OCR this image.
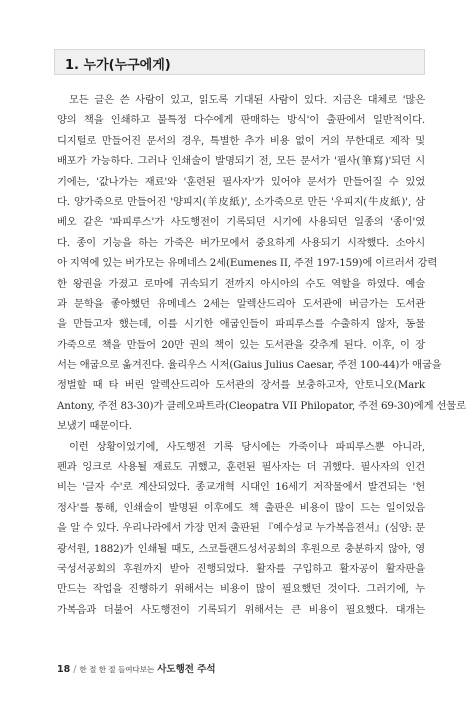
1. 누가(누구에게)
모든 글은 쓴 사람이 있고, 읽도록 기대된 사람이 있다. 지금은 대체로 '많은
양의 책을 인쇄하고 불특정 다수에게 판매하는 방식'이 출판에서 일반적이다.
디지털로 만들어진 문서의 경우, 특별한 추가 비용 없이 거의 무한대로 제작 및
배포가 가능하다. 그러나 인쇄술이 발명되기 전, 모든 문서가 '필사(筆寫)'되던 시
기에는, '값나가는 재료'와 '훈련된 필사자'가 있어야 문서가 만들어질 수 있었
다. 양가죽으로 만들어진 '양피지(羊皮紙)', 소가죽으로 만든 '우피지(牛皮紙)', 삼
베오 같은 '파피루스'가 사도행전이 기록되던 시기에 사용되던 일종의 '종이'였
다. 종이 기능을 하는 가죽은 버가모에서 중요하게 사용되기 시작했다. 소아시
아 지역에 있는 버가모는 유메네스 2세(Eumenes II, 주전 197-159)에 이르러서 강력
한 왕권을 가졌고 로마에 귀속되기 전까지 아시아의 수도 역할을 하였다. 예술
과 문학을 좋아했던 유메네스 2세는 알렉산드리아 도서관에 버금가는 도서관
을 만들고자 했는데, 이를 시기한 애굽인들이 파피루스를 수출하지 않자, 동물
가죽으로 책을 만들어 20만 권의 책이 있는 도서관을 갖추게 된다. 이후, 이 장
서는 애굽으로 옮겨진다. 율리우스 시저(Gaius Julius Caesar, 주전 100-44)가 애굽을
정벌할 때 타 버린 알렉산드리아 도서관의 장서를 보충하고자, 안토니오(Mark
Antony, 주전 83-30)가 클레오파트라(Cleopatra VII Philopator, 주전 69-30)에게 선물로
보냈기 때문이다.
이런 상황이었기에, 사도행전 기록 당시에는 가죽이나 파피루스뿐 아니라,
펜과 잉크로 사용될 재료도 귀했고, 훈련된 필사자는 더 귀했다. 필사자의 인건
비는 '글자 수'로 계산되었다. 종교개혁 시대인 16세기 저작물에서 발견되는 '헌
정사'를 통해, 인쇄술이 발명된 이후에도 책 출판은 비용이 많이 드는 일이었음
을 알 수 있다. 우리나라에서 가장 먼저 출판된 『예수성교 누가복음젼셔』(심양: 문
광서원, 1882)가 인쇄될 때도, 스코틀랜드성서공회의 후원으로 충분하지 않아, 영
국성서공회의 후원까지 받아 진행되었다. 활자를 구입하고 활자공이 활자판을
만드는 작업을 진행하기 위해서는 비용이 많이 필요했던 것이다. 그러기에, 누
가복음과 더불어 사도행전이 기록되기 위해서는 큰 비용이 필요했다. 대개는
18 / 한 절 한 절 들여다보는 사도행전 주석
